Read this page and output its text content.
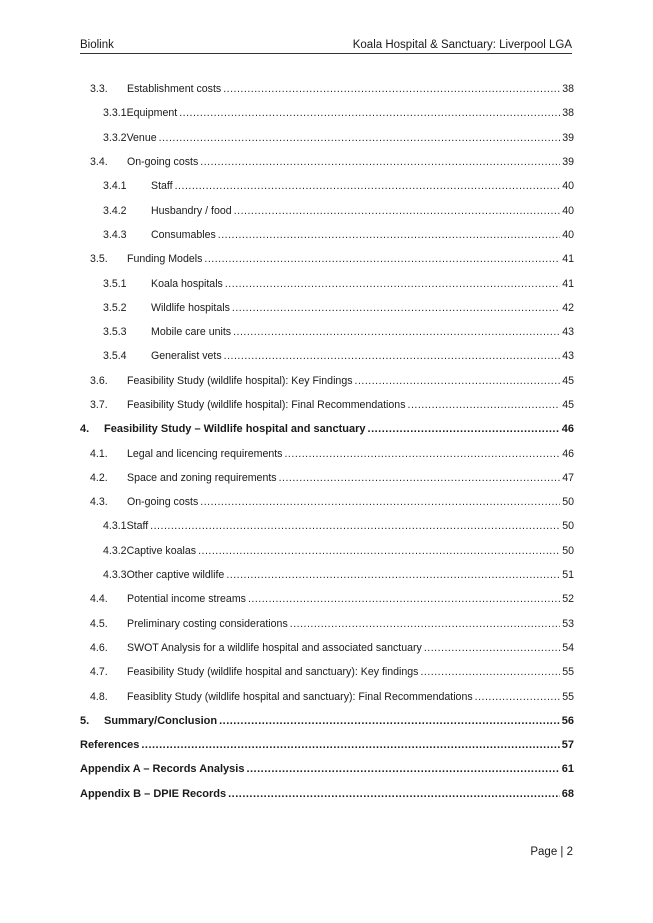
Biolink	Koala Hospital & Sanctuary: Liverpool LGA
3.3.	Establishment costs .....	38
3.3.1 Equipment .....	38
3.3.2 Venue .....	39
3.4.	On-going costs .....	39
3.4.1	Staff .....	40
3.4.2	Husbandry / food .....	40
3.4.3	Consumables .....	40
3.5.	Funding Models .....	41
3.5.1	Koala hospitals .....	41
3.5.2	Wildlife hospitals .....	42
3.5.3	Mobile care units .....	43
3.5.4	Generalist vets .....	43
3.6.	Feasibility Study (wildlife hospital): Key Findings .....	45
3.7.	Feasibility Study (wildlife hospital): Final Recommendations .....	45
4.	Feasibility Study – Wildlife hospital and sanctuary .....	46
4.1.	Legal and licencing requirements .....	46
4.2.	Space and zoning requirements .....	47
4.3.	On-going costs .....	50
4.3.1 Staff .....	50
4.3.2 Captive koalas .....	50
4.3.3 Other captive wildlife .....	51
4.4.	Potential income streams .....	52
4.5.	Preliminary costing considerations .....	53
4.6.	SWOT Analysis for a wildlife hospital and associated sanctuary .....	54
4.7.	Feasibility Study (wildlife hospital and sanctuary): Key findings .....	55
4.8.	Feasiblity Study (wildlife hospital and sanctuary): Final Recommendations .....	55
5.	Summary/Conclusion .....	56
References .....	57
Appendix A – Records Analysis .....	61
Appendix B – DPIE Records .....	68
Page | 2
